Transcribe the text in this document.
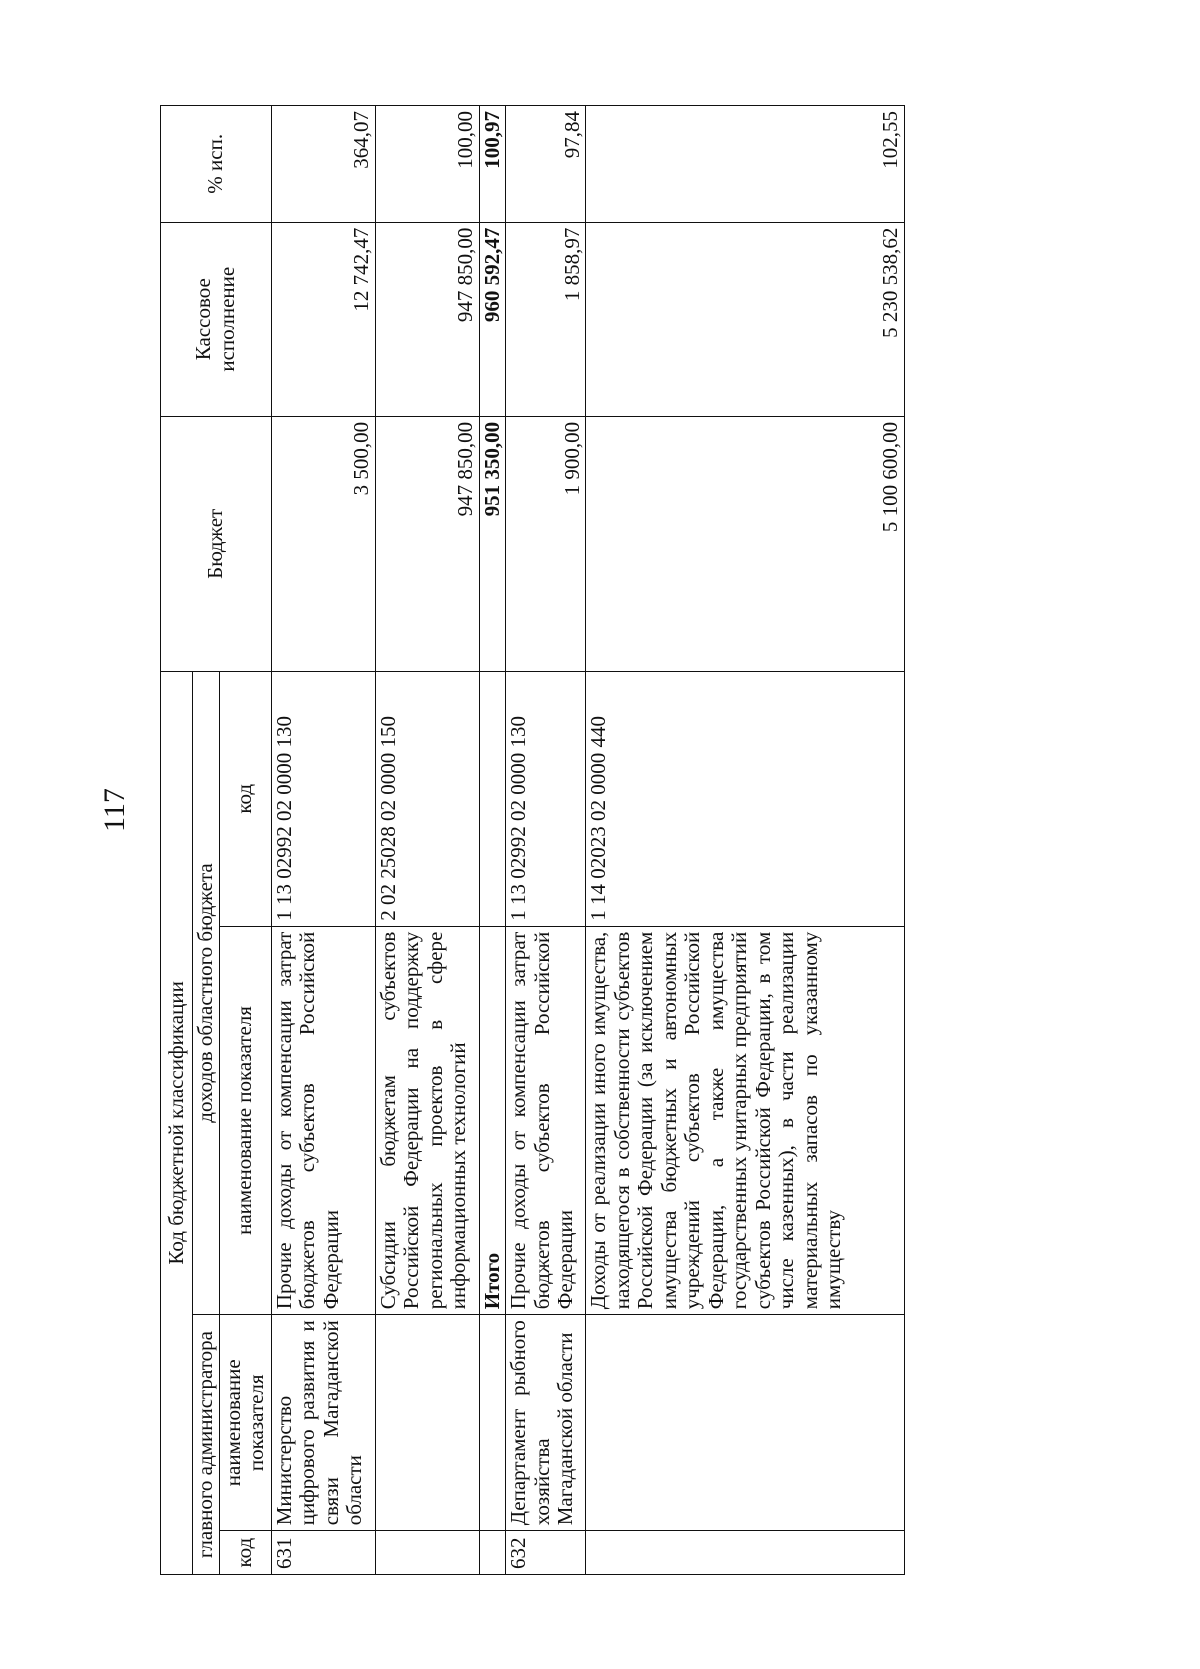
117
Код бюджетной классификации				Бюджет	Кассовое исполнение	% исп.
главного администратора		доходов областного бюджета				
код	наименование показателя	наименование показателя	код			
631	Министерство цифрового развития и связи Магаданской области	Прочие доходы от компенсации затрат бюджетов субъектов Российской Федерации	1 13 02992 02 0000 130	3 500,00	12 742,47	364,07
		Субсидии бюджетам субъектов Российской Федерации на поддержку региональных проектов в сфере информационных технологий	2 02 25028 02 0000 150	947 850,00	947 850,00	100,00
		Итого		951 350,00	960 592,47	100,97
632	Департамент рыбного хозяйства Магаданской области	Прочие доходы от компенсации затрат бюджетов субъектов Российской Федерации	1 13 02992 02 0000 130	1 900,00	1 858,97	97,84
		Доходы от реализации иного имущества, находящегося в собственности субъектов Российской Федерации (за исключением имущества бюджетных и автономных учреждений субъектов Российской Федерации, а также имущества государственных унитарных предприятий субъектов Российской Федерации, в том числе казенных), в части реализации материальных запасов по указанному имуществу	1 14 02023 02 0000 440	5 100 600,00	5 230 538,62	102,55
